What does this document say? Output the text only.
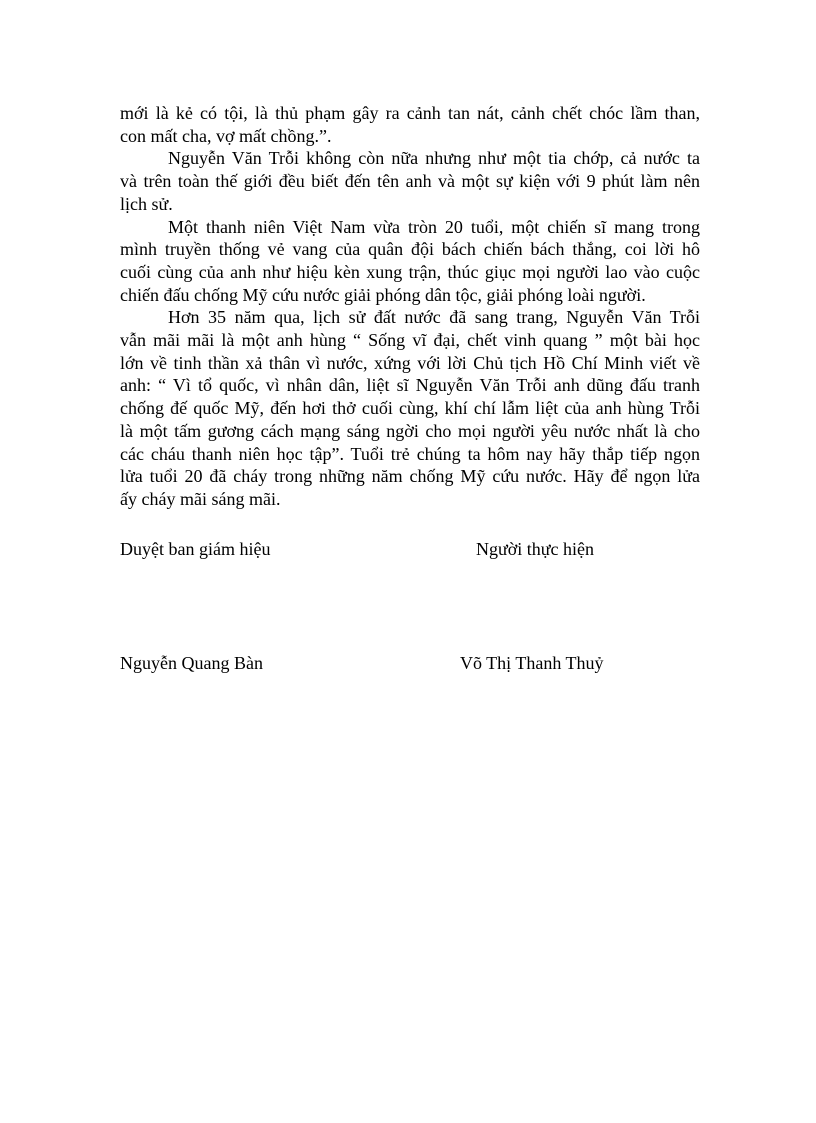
mới là kẻ có tội, là thủ phạm gây ra cảnh tan nát, cảnh chết chóc lầm than,
con mất cha, vợ mất chồng.”.
Nguyễn Văn Trỗi không còn nữa nhưng như một tia chớp, cả nước ta
và trên toàn thế giới đều biết đến tên anh và một sự kiện với 9 phút làm nên
lịch sử.
Một thanh niên Việt Nam vừa tròn 20 tuổi, một chiến sĩ mang trong
mình truyền thống vẻ vang của quân đội bách chiến bách thắng, coi lời hô
cuối cùng của anh như hiệu kèn xung trận, thúc giục mọi người lao vào cuộc
chiến đấu chống Mỹ cứu nước giải phóng dân tộc, giải phóng loài người.
Hơn 35 năm qua, lịch sử đất nước đã sang trang, Nguyễn Văn Trỗi
vẫn mãi mãi là một anh hùng “ Sống vĩ đại, chết vinh quang ” một bài học
lớn về tinh thần xả thân vì nước, xứng với lời Chủ tịch Hồ Chí Minh viết về
anh: “ Vì tổ quốc, vì nhân dân, liệt sĩ Nguyễn Văn Trỗi anh dũng đấu tranh
chống đế quốc Mỹ, đến hơi thở cuối cùng, khí chí lẫm liệt của anh hùng Trỗi
là một tấm gương cách mạng sáng ngời cho mọi người yêu nước nhất là cho
các cháu thanh niên học tập”. Tuổi trẻ chúng ta hôm nay hãy thắp tiếp ngọn
lửa tuổi 20 đã cháy trong những năm chống Mỹ cứu nước. Hãy để ngọn lửa
ấy cháy mãi sáng mãi.
Duyệt ban giám hiệu	Người thực hiện
Nguyễn Quang Bàn	Võ Thị Thanh Thuỷ
